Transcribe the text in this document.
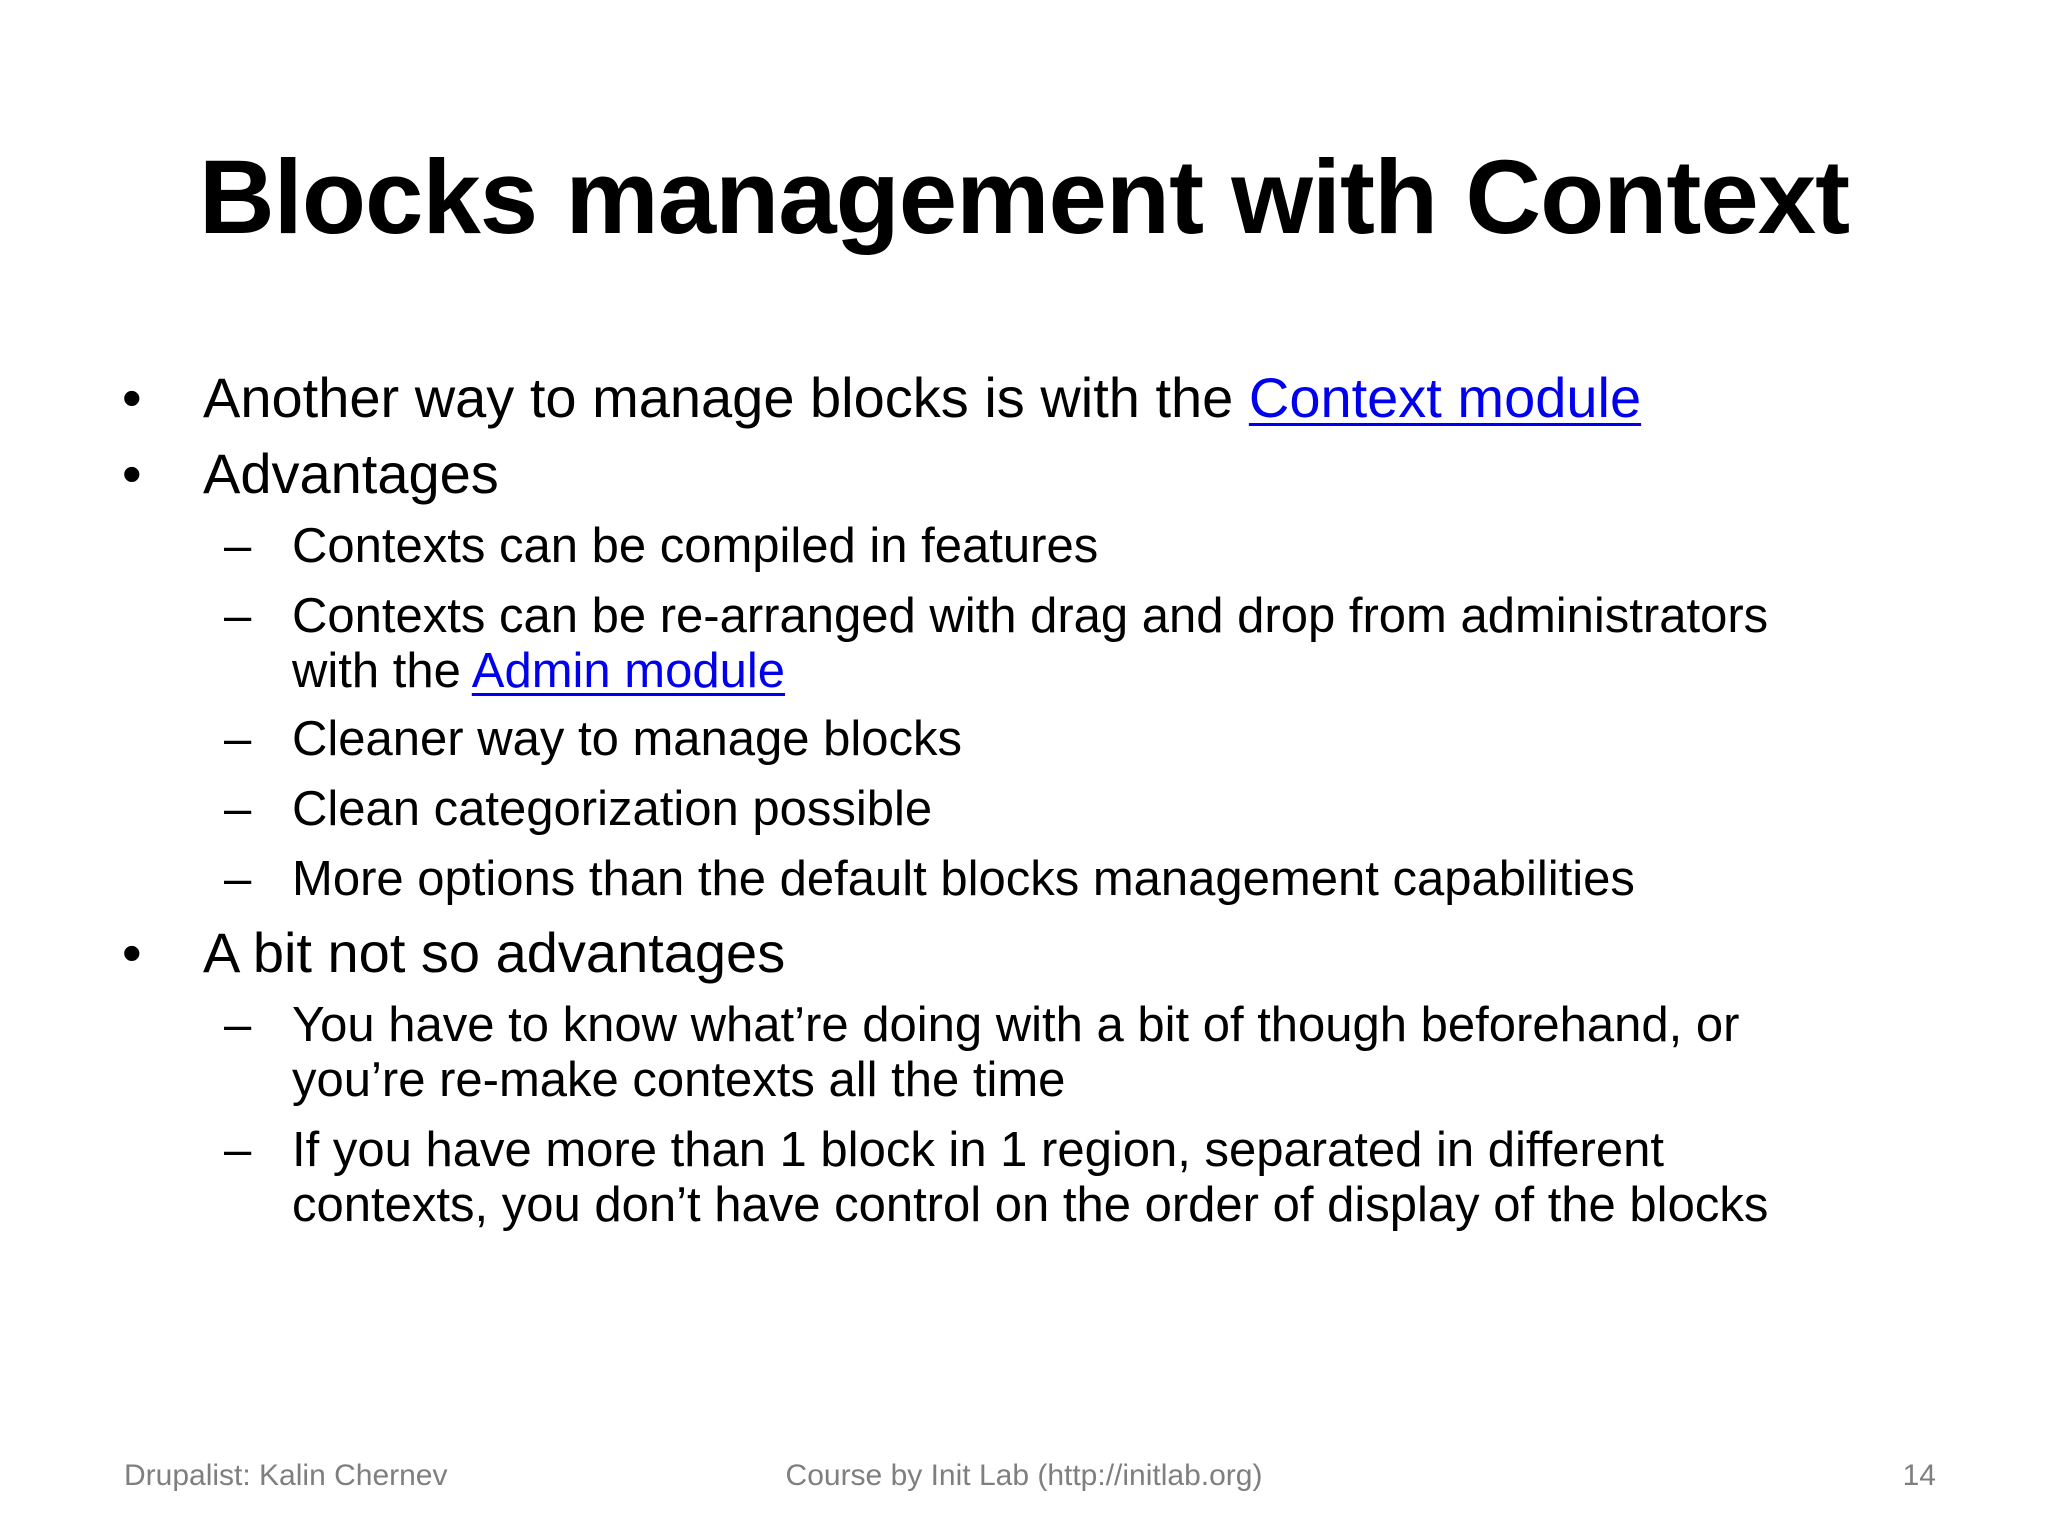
Blocks management with Context
•	Another way to manage blocks is with the Context module
•	Advantages
– Contexts can be compiled in features
– Contexts can be re-arranged with drag and drop from administrators
with the Admin module
– Cleaner way to manage blocks
– Clean categorization possible
– More options than the default blocks management capabilities
•	A bit not so advantages
– You have to know what’re doing with a bit of though beforehand, or
you’re re-make contexts all the time
– If you have more than 1 block in 1 region, separated in different
contexts, you don’t have control on the order of display of the blocks
Drupalist: Kalin Chernev	Course by Init Lab (http://initlab.org)	14
